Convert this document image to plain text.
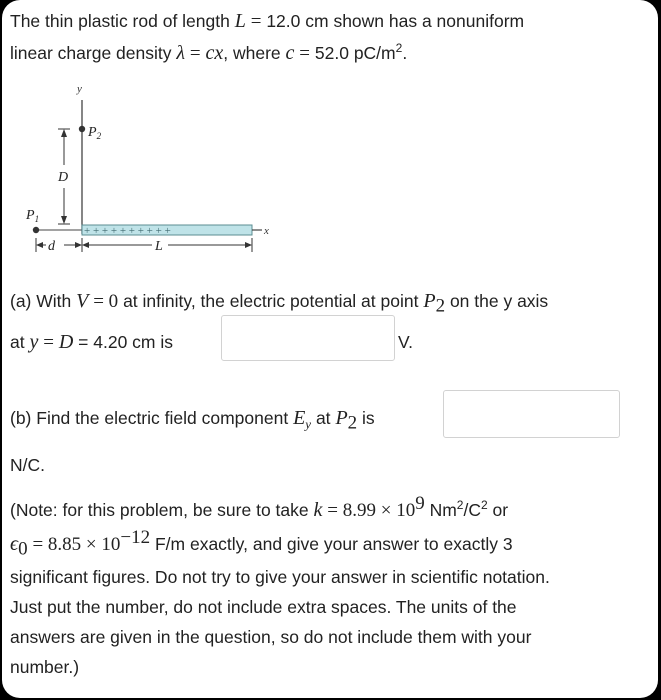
The thin plastic rod of length L = 12.0 cm shown has a nonuniform
linear charge density λ = cx, where c = 52.0 $pC/m^2$.
y
$P_2$
D
$P_1$
+ + + + + + + + + +	x
d	L
(a) With V = 0 at infinity, the electric potential at point $P_2$ on the y axis
at y = D = 4.20 cm is	V.
(b) Find the electric field component $E_y$ at $P_2$ is
N/C.
(Note: for this problem, be sure to take $k = 8.99 \times 10^9$ $Nm^2/C^2$ or
$\epsilon_0 = 8.85 \times 10^{-12}$ F/m exactly, and give your answer to exactly 3
significant figures. Do not try to give your answer in scientific notation.
Just put the number, do not include extra spaces. The units of the
answers are given in the question, so do not include them with your
number.)
